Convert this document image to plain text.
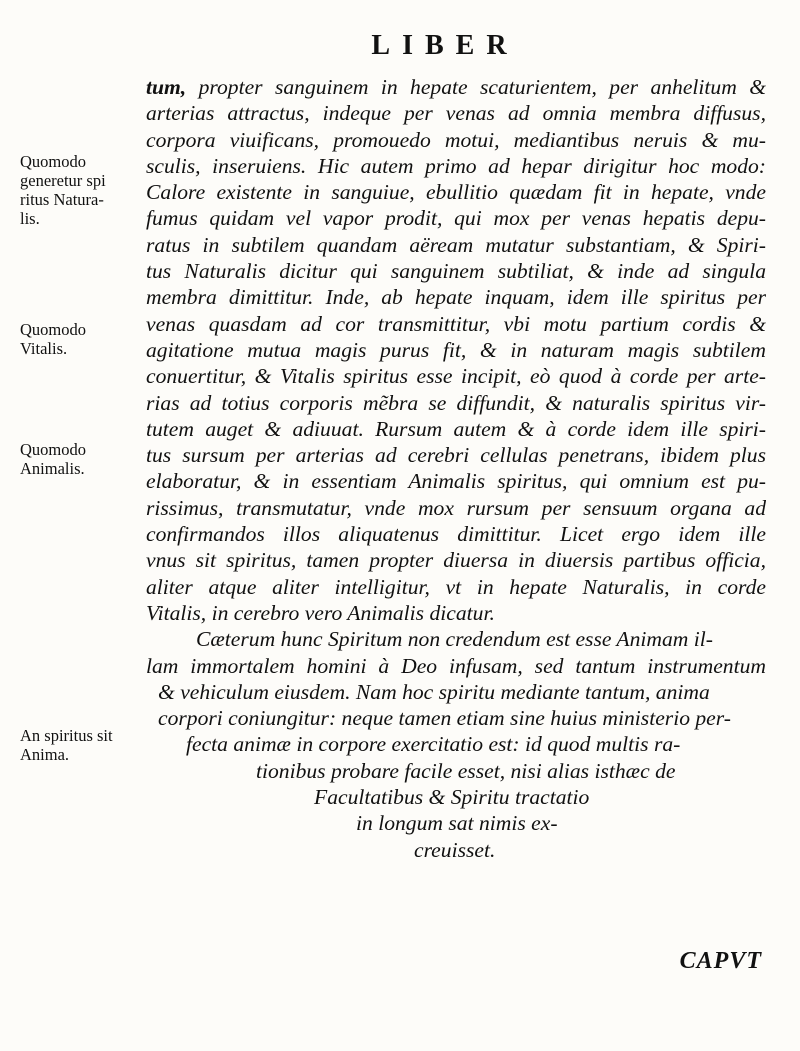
LIBER
Quomodo
generetur spi
ritus Natura-
lis.
Quomodo
Vitalis.
Quomodo
Animalis.
An spiritus sit
Anima.
tum, propter sanguinem in hepate scaturientem, per anhelitum &
arterias attractus, indeque per venas ad omnia membra diffusus,
corpora viuificans, promouedo motui, mediantibus neruis & mu-
sculis, inseruiens. Hic autem primo ad hepar dirigitur hoc modo:
Calore existente in sanguiue, ebullitio quædam fit in hepate, vnde
fumus quidam vel vapor prodit, qui mox per venas hepatis depu-
ratus in subtilem quandam aëream mutatur substantiam, & Spiri-
tus Naturalis dicitur qui sanguinem subtiliat, & inde ad singula
membra dimittitur. Inde, ab hepate inquam, idem ille spiritus per
venas quasdam ad cor transmittitur, vbi motu partium cordis &
agitatione mutua magis purus fit, & in naturam magis subtilem
conuertitur, & Vitalis spiritus esse incipit, eò quod à corde per arte-
rias ad totius corporis mẽbra se diffundit, & naturalis spiritus vir-
tutem auget & adiuuat. Rursum autem & à corde idem ille spiri-
tus sursum per arterias ad cerebri cellulas penetrans, ibidem plus
elaboratur, & in essentiam Animalis spiritus, qui omnium est pu-
rissimus, transmutatur, vnde mox rursum per sensuum organa ad
confirmandos illos aliquatenus dimittitur. Licet ergo idem ille
vnus sit spiritus, tamen propter diuersa in diuersis partibus officia,
aliter atque aliter intelligitur, vt in hepate Naturalis, in corde
Vitalis, in cerebro vero Animalis dicatur.
Cæterum hunc Spiritum non credendum est esse Animam il-
lam immortalem homini à Deo infusam, sed tantum instrumentum
& vehiculum eiusdem. Nam hoc spiritu mediante tantum, anima
corpori coniungitur: neque tamen etiam sine huius ministerio per-
fecta animæ in corpore exercitatio est: id quod multis ra-
tionibus probare facile esset, nisi alias isthæc de
Facultatibus & Spiritu tractatio
in longum sat nimis ex-
creuisset.
CAPVT
